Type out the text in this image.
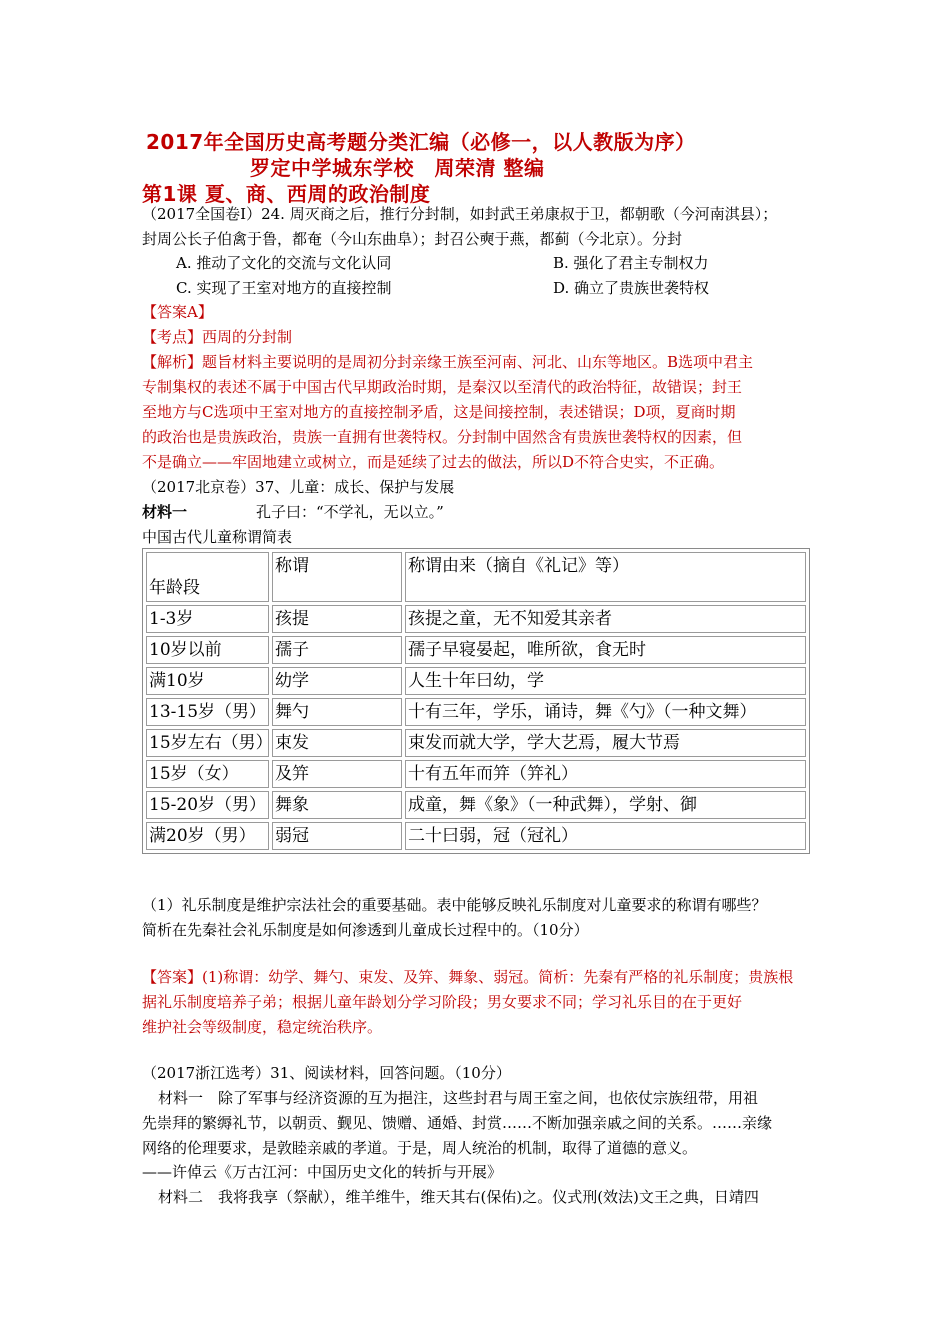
2017年全国历史高考题分类汇编（必修一，以人教版为序）
罗定中学城东学校　周荣清 整编
第1课 夏、商、西周的政治制度
（2017全国卷Ⅰ）24. 周灭商之后，推行分封制，如封武王弟康叔于卫，都朝歌（今河南淇县）；
封周公长子伯禽于鲁，都奄（今山东曲阜）；封召公奭于燕，都蓟（今北京）。分封
A. 推动了文化的交流与文化认同	B. 强化了君主专制权力
C. 实现了王室对地方的直接控制	D. 确立了贵族世袭特权
【答案A】
【考点】西周的分封制
【解析】题旨材料主要说明的是周初分封亲缘王族至河南、河北、山东等地区。B选项中君主
专制集权的表述不属于中国古代早期政治时期，是秦汉以至清代的政治特征，故错误；封王
至地方与C选项中王室对地方的直接控制矛盾，这是间接控制，表述错误；D项，夏商时期
的政治也是贵族政治，贵族一直拥有世袭特权。分封制中固然含有贵族世袭特权的因素，但
不是确立——牢固地建立或树立，而是延续了过去的做法，所以D不符合史实，不正确。
（2017北京卷）37、儿童：成长、保护与发展
材料一	孔子曰：“不学礼，无以立。”
中国古代儿童称谓简表
年龄段	称谓	称谓由来（摘自《礼记》等）
1-3岁	孩提	孩提之童，无不知爱其亲者
10岁以前	孺子	孺子早寝晏起，唯所欲，食无时
满10岁	幼学	人生十年曰幼，学
13-15岁（男）	舞勺	十有三年，学乐，诵诗，舞《勺》（一种文舞）
15岁左右（男）	束发	束发而就大学，学大艺焉，履大节焉
15岁（女）	及笄	十有五年而笄（笄礼）
15-20岁（男）	舞象	成童，舞《象》（一种武舞），学射、御
满20岁（男）	弱冠	二十曰弱，冠（冠礼）
（1）礼乐制度是维护宗法社会的重要基础。表中能够反映礼乐制度对儿童要求的称谓有哪些？
简析在先秦社会礼乐制度是如何渗透到儿童成长过程中的。（10分）
【答案】(1)称谓：幼学、舞勺、束发、及笄、舞象、弱冠。简析：先秦有严格的礼乐制度；贵族根
据礼乐制度培养子弟；根据儿童年龄划分学习阶段；男女要求不同；学习礼乐目的在于更好
维护社会等级制度，稳定统治秩序。
（2017浙江选考）31、阅读材料，回答问题。（10分）
材料一　除了军事与经济资源的互为挹注，这些封君与周王室之间，也依仗宗族纽带，用祖
先崇拜的繁缛礼节，以朝贡、觐见、馈赠、通婚、封赏……不断加强亲戚之间的关系。……亲缘
网络的伦理要求，是敦睦亲戚的孝道。于是，周人统治的机制，取得了道德的意义。
——许倬云《万古江河：中国历史文化的转折与开展》
材料二　我将我享（祭献），维羊维牛，维天其右(保佑)之。仪式刑(效法)文王之典，日靖四
